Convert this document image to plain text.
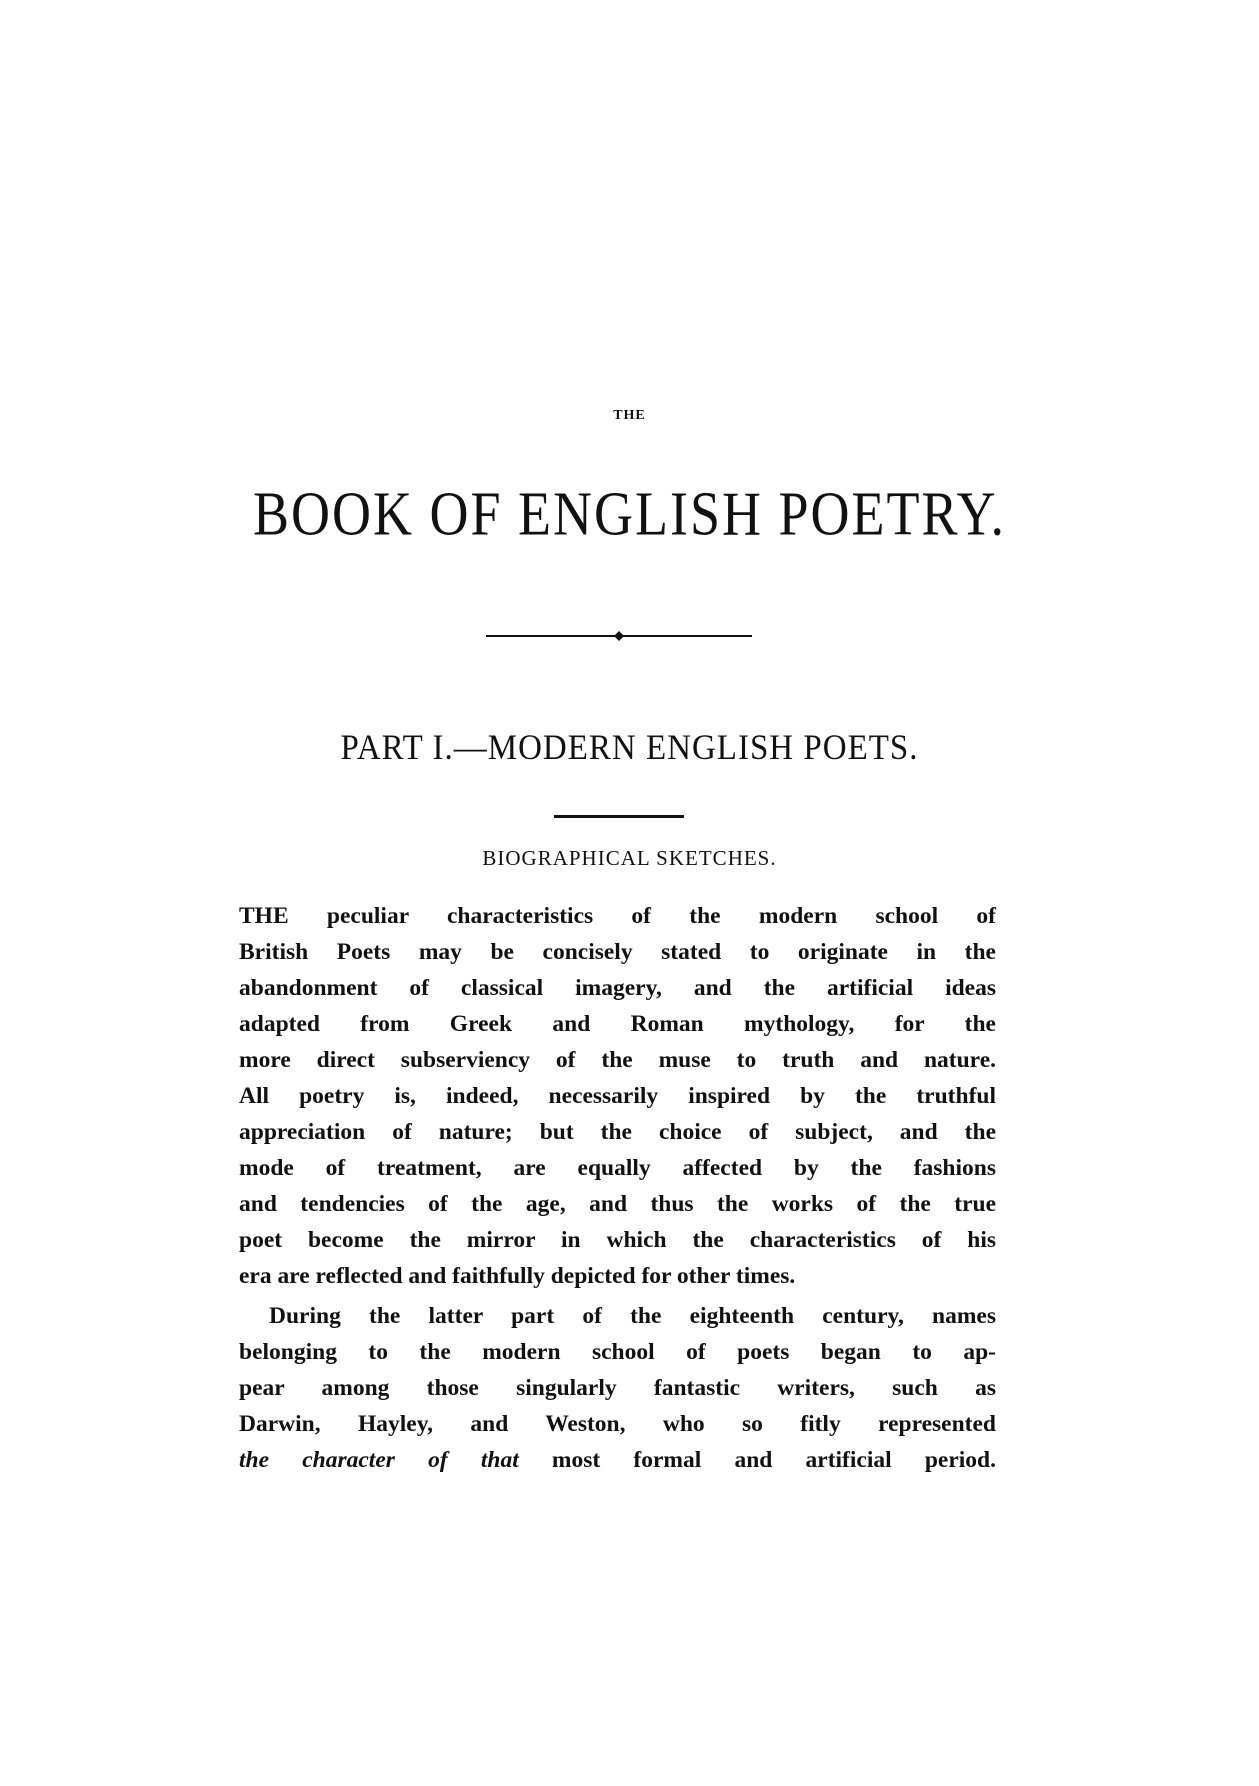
THE
BOOK OF ENGLISH POETRY.
PART I.—MODERN ENGLISH POETS.
BIOGRAPHICAL SKETCHES.
THE peculiar characteristics of the modern school of
British Poets may be concisely stated to originate in the
abandonment of classical imagery, and the artificial ideas
adapted from Greek and Roman mythology, for the
more direct subserviency of the muse to truth and nature.
All poetry is, indeed, necessarily inspired by the truthful
appreciation of nature; but the choice of subject, and the
mode of treatment, are equally affected by the fashions
and tendencies of the age, and thus the works of the true
poet become the mirror in which the characteristics of his
era are reflected and faithfully depicted for other times.
During the latter part of the eighteenth century, names
belonging to the modern school of poets began to ap-
pear among those singularly fantastic writers, such as
Darwin, Hayley, and Weston, who so fitly represented
the character of that most formal and artificial period.
